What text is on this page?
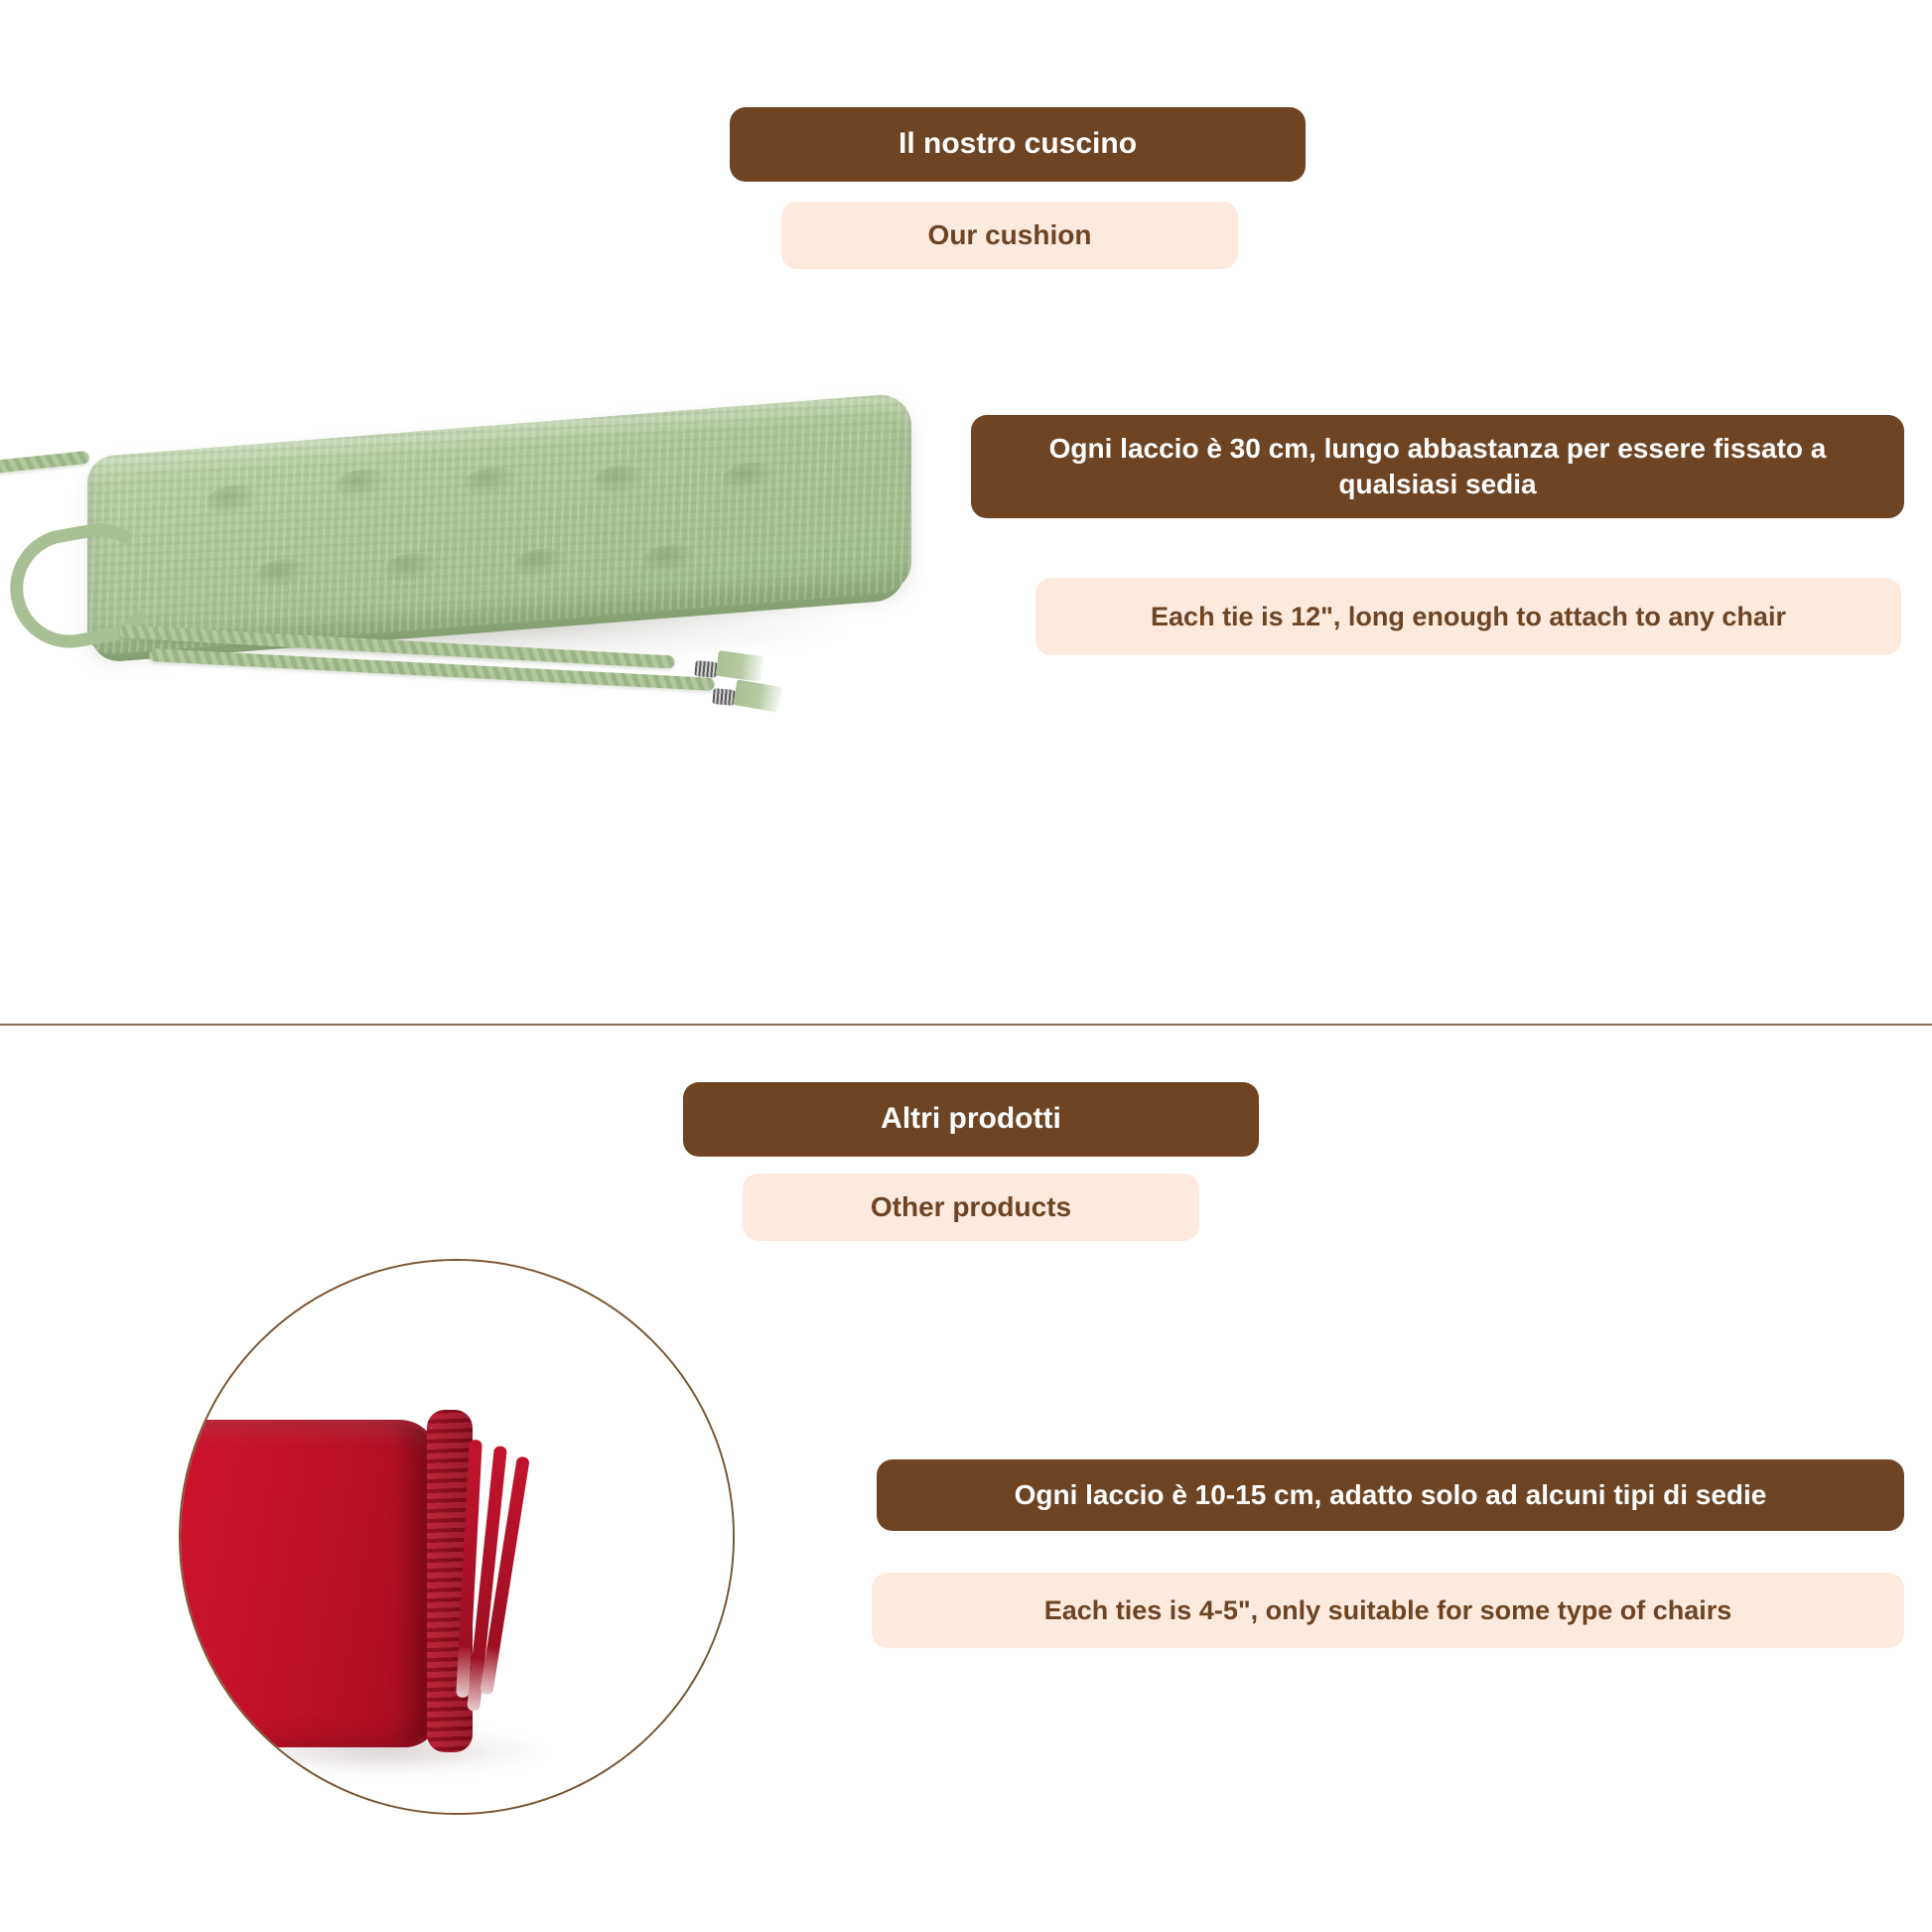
Il nostro cuscino
Our cushion
Ogni laccio è 30 cm, lungo abbastanza per essere fissato a qualsiasi sedia
Each tie is 12", long enough to attach to any chair
Altri prodotti
Other products
Ogni laccio è 10-15 cm, adatto solo ad alcuni tipi di sedie
Each ties is 4-5", only suitable for some type of chairs
